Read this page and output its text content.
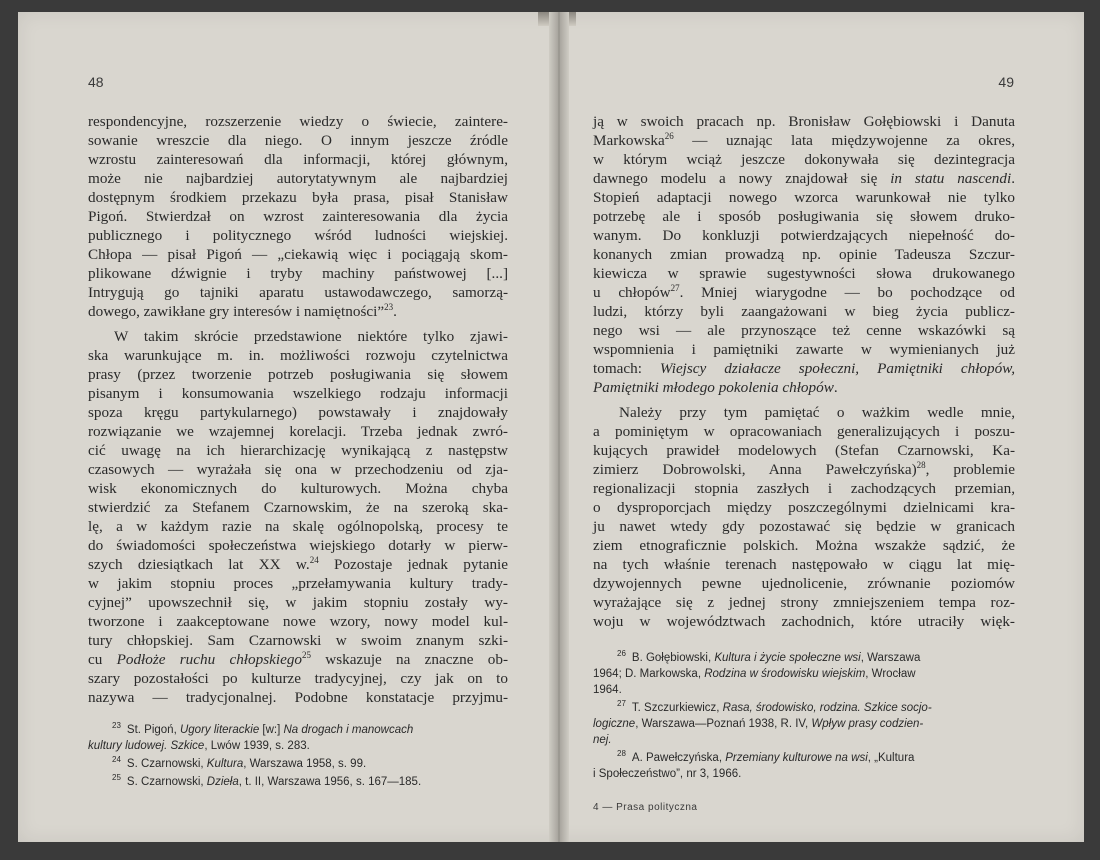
48
respondencyjne, rozszerzenie wiedzy o świecie, zaintere-
sowanie wreszcie dla niego. O innym jeszcze źródle
wzrostu zainteresowań dla informacji, której głównym,
może nie najbardziej autorytatywnym ale najbardziej
dostępnym środkiem przekazu była prasa, pisał Stanisław
Pigoń. Stwierdzał on wzrost zainteresowania dla życia
publicznego i politycznego wśród ludności wiejskiej.
Chłopa — pisał Pigoń — „ciekawią więc i pociągają skom-
plikowane dźwignie i tryby machiny państwowej [...]
Intrygują go tajniki aparatu ustawodawczego, samorzą-
dowego, zawikłane gry interesów i namiętności”$^{23}$.
W takim skrócie przedstawione niektóre tylko zjawi-
ska warunkujące m. in. możliwości rozwoju czytelnictwa
prasy (przez tworzenie potrzeb posługiwania się słowem
pisanym i konsumowania wszelkiego rodzaju informacji
spoza kręgu partykularnego) powstawały i znajdowały
rozwiązanie we wzajemnej korelacji. Trzeba jednak zwró-
cić uwagę na ich hierarchizację wynikającą z następstw
czasowych — wyrażała się ona w przechodzeniu od zja-
wisk ekonomicznych do kulturowych. Można chyba
stwierdzić za Stefanem Czarnowskim, że na szeroką ska-
lę, a w każdym razie na skalę ogólnopolską, procesy te
do świadomości społeczeństwa wiejskiego dotarły w pierw-
szych dziesiątkach lat XX w.$^{24}$ Pozostaje jednak pytanie
w jakim stopniu proces „przełamywania kultury trady-
cyjnej” upowszechnił się, w jakim stopniu zostały wy-
tworzone i zaakceptowane nowe wzory, nowy model kul-
tury chłopskiej. Sam Czarnowski w swoim znanym szki-
cu Podłoże ruchu chłopskiego$^{25}$ wskazuje na znaczne ob-
szary pozostałości po kulturze tradycyjnej, czy jak on to
nazywa — tradycjonalnej. Podobne konstatacje przyjmu-
$^{23}$ St. Pigoń, Ugory literackie [w:] Na drogach i manowcach
kultury ludowej. Szkice, Lwów 1939, s. 283.
$^{24}$ S. Czarnowski, Kultura, Warszawa 1958, s. 99.
$^{25}$ S. Czarnowski, Dzieła, t. II, Warszawa 1956, s. 167—185.
49
ją w swoich pracach np. Bronisław Gołębiowski i Danuta
Markowska$^{26}$ — uznając lata międzywojenne za okres,
w którym wciąż jeszcze dokonywała się dezintegracja
dawnego modelu a nowy znajdował się in statu nascendi.
Stopień adaptacji nowego wzorca warunkował nie tylko
potrzebę ale i sposób posługiwania się słowem druko-
wanym. Do konkluzji potwierdzających niepełność do-
konanych zmian prowadzą np. opinie Tadeusza Szczur-
kiewicza w sprawie sugestywności słowa drukowanego
u chłopów$^{27}$. Mniej wiarygodne — bo pochodzące od
ludzi, którzy byli zaangażowani w bieg życia publicz-
nego wsi — ale przynoszące też cenne wskazówki są
wspomnienia i pamiętniki zawarte w wymienianych już
tomach: Wiejscy działacze społeczni, Pamiętniki chłopów,
Pamiętniki młodego pokolenia chłopów.
Należy przy tym pamiętać o ważkim wedle mnie,
a pominiętym w opracowaniach generalizujących i poszu-
kujących prawideł modelowych (Stefan Czarnowski, Ka-
zimierz Dobrowolski, Anna Pawełczyńska)$^{28}$, problemie
regionalizacji stopnia zaszłych i zachodzących przemian,
o dysproporcjach między poszczególnymi dzielnicami kra-
ju nawet wtedy gdy pozostawać się będzie w granicach
ziem etnograficznie polskich. Można wszakże sądzić, że
na tych właśnie terenach następowało w ciągu lat mię-
dzywojennych pewne ujednolicenie, zrównanie poziomów
wyrażające się z jednej strony zmniejszeniem tempa roz-
woju w województwach zachodnich, które utraciły więk-
$^{26}$ B. Gołębiowski, Kultura i życie społeczne wsi, Warszawa
1964; D. Markowska, Rodzina w środowisku wiejskim, Wrocław
1964.
$^{27}$ T. Szczurkiewicz, Rasa, środowisko, rodzina. Szkice socjo-
logiczne, Warszawa—Poznań 1938, R. IV, Wpływ prasy codzien-
nej.
$^{28}$ A. Pawełczyńska, Przemiany kulturowe na wsi, „Kultura
i Społeczeństwo”, nr 3, 1966.
4 — Prasa polityczna
